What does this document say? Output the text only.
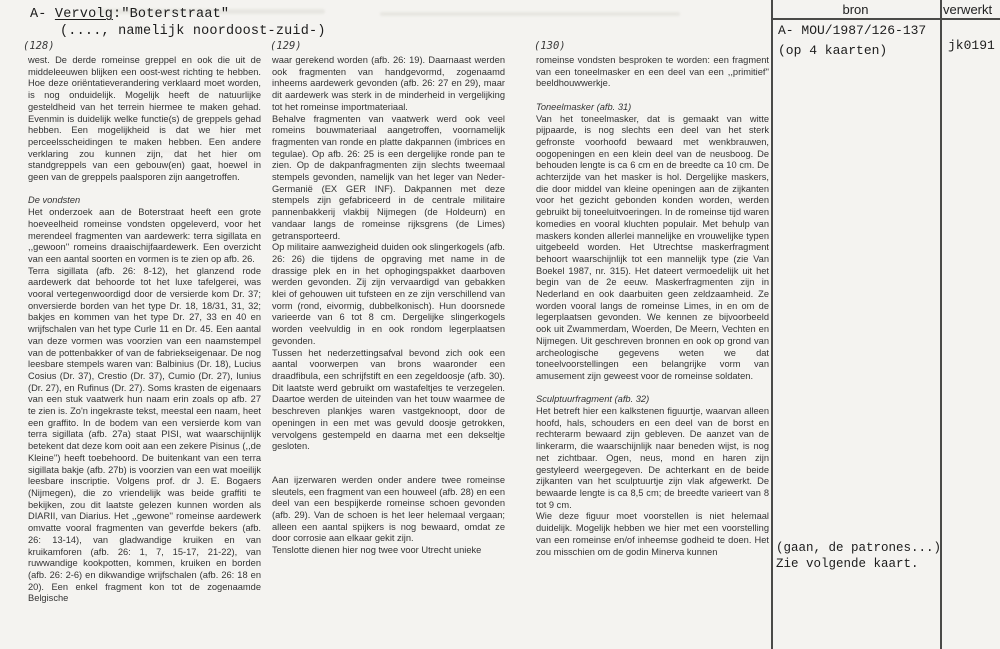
A- Vervolg:"Boterstraat"
(...., namelijk noordoost-zuid-)
(128)	(129)	(130)

west. De derde romeinse greppel en ook die uit de middeleeuwen blijken een oost-west richting te hebben. Hoe deze oriëntatieverandering verklaard moet worden, is nog onduidelijk. Mogelijk heeft de natuurlijke gesteldheid van het terrein hiermee te maken gehad. Evenmin is duidelijk welke functie(s) de greppels gehad hebben. Een mogelijkheid is dat we hier met perceelsscheidingen te maken hebben. Een andere verklaring zou kunnen zijn, dat het hier om standgreppels van een gebouw(en) gaat, hoewel in geen van de greppels paalsporen zijn aangetroffen.

De vondsten

Het onderzoek aan de Boterstraat heeft een grote hoeveelheid romeinse vondsten opgeleverd, voor het merendeel fragmenten van aardewerk: terra sigillata en ,,gewoon'' romeins draaischijfaardewerk. Een overzicht van een aantal soorten en vormen is te zien op afb. 26.

Terra sigillata (afb. 26: 8-12), het glanzend rode aardewerk dat behoorde tot het luxe tafelgerei, was vooral vertegenwoordigd door de versierde kom Dr. 37; onversierde borden van het type Dr. 18, 18/31, 31, 32; bakjes en kommen van het type Dr. 27, 33 en 40 en wrijfschalen van het type Curle 11 en Dr. 45. Een aantal van deze vormen was voorzien van een naamstempel van de pottenbakker of van de fabriekseigenaar. De nog leesbare stempels waren van: Balbinius (Dr. 18), Lucius Cosius (Dr. 37), Crestio (Dr. 37), Cumio (Dr. 27), Iunius (Dr. 27), en Rufinus (Dr. 27). Soms krasten de eigenaars van een stuk vaatwerk hun naam erin zoals op afb. 27 te zien is. Zo'n ingekraste tekst, meestal een naam, heet een graffito. In de bodem van een versierde kom van terra sigillata (afb. 27a) staat PISI, wat waarschijnlijk betekent dat deze kom ooit aan een zekere Pisinus (,,de Kleine'') heeft toebehoord. De buitenkant van een terra sigillata bakje (afb. 27b) is voorzien van een wat moeilijk leesbare inscriptie. Volgens prof. dr J. E. Bogaers (Nijmegen), die zo vriendelijk was beide graffiti te bekijken, zou dit laatste gelezen kunnen worden als DIARII, van Diarius. Het ,,gewone'' romeinse aardewerk omvatte vooral fragmenten van geverfde bekers (afb. 26: 13-14), van gladwandige kruiken en van kruikamforen (afb. 26: 1, 7, 15-17, 21-22), van ruwwandige kookpotten, kommen, kruiken en borden (afb. 26: 2-6) en dikwandige wrijfschalen (afb. 26: 18 en 20). Een enkel fragment kon tot de zogenaamde Belgische

waar gerekend worden (afb. 26: 19). Daarnaast werden ook fragmenten van handgevormd, zogenaamd inheems aardewerk gevonden (afb. 26: 27 en 29), maar dit aardewerk was sterk in de minderheid in vergelijking tot het romeinse importmateriaal.

Behalve fragmenten van vaatwerk werd ook veel romeins bouwmateriaal aangetroffen, voornamelijk fragmenten van ronde en platte dakpannen (imbrices en tegulae). Op afb. 26: 25 is een dergelijke ronde pan te zien. Op de dakpanfragmenten zijn slechts tweemaal stempels gevonden, namelijk van het leger van Neder-Germanië (EX GER INF). Dakpannen met deze stempels zijn gefabriceerd in de centrale militaire pannenbakkerij vlakbij Nijmegen (de Holdeurn) en vandaar langs de romeinse rijksgrens (de Limes) getransporteerd.

Op militaire aanwezigheid duiden ook slingerkogels (afb. 26: 26) die tijdens de opgraving met name in de drassige plek en in het ophogingspakket daarboven werden gevonden. Zij zijn vervaardigd van gebakken klei of gehouwen uit tufsteen en ze zijn verschillend van vorm (rond, eivormig, dubbelkonisch). Hun doorsnede varieerde van 6 tot 8 cm. Dergelijke slingerkogels worden veelvuldig in en ook rondom legerplaatsen gevonden.

Tussen het nederzettingsafval bevond zich ook een aantal voorwerpen van brons waaronder een draadfibula, een schrijfstift en een zegeldoosje (afb. 30). Dit laatste werd gebruikt om wastafeltjes te verzegelen. Daartoe werden de uiteinden van het touw waarmee de beschreven plankjes waren vastgeknoopt, door de openingen in een met was gevuld doosje getrokken, vervolgens gestempeld en daarna met een dekseltje gesloten.

Aan ijzerwaren werden onder andere twee romeinse sleutels, een fragment van een houweel (afb. 28) en een deel van een bespijkerde romeinse schoen gevonden (afb. 29). Van de schoen is het leer helemaal vergaan; alleen een aantal spijkers is nog bewaard, omdat ze door corrosie aan elkaar gekit zijn.

Tenslotte dienen hier nog twee voor Utrecht unieke

romeinse vondsten besproken te worden: een fragment van een toneelmasker en een deel van een ,,primitief'' beeldhouwwerkje.

Toneelmasker (afb. 31)

Van het toneelmasker, dat is gemaakt van witte pijpaarde, is nog slechts een deel van het sterk gefronste voorhoofd bewaard met wenkbrauwen, oogopeningen en een klein deel van de neusboog. De behouden lengte is ca 6 cm en de breedte ca 10 cm. De achterzijde van het masker is hol. Dergelijke maskers, die door middel van kleine openingen aan de zijkanten voor het gezicht gebonden konden worden, werden gebruikt bij toneeluitvoeringen. In de romeinse tijd waren komedies en vooral kluchten populair. Met behulp van maskers konden allerlei mannelijke en vrouwelijke typen uitgebeeld worden. Het Utrechtse maskerfragment behoort waarschijnlijk tot een mannelijk type (zie Van Boekel 1987, nr. 315). Het dateert vermoedelijk uit het begin van de 2e eeuw. Maskerfragmenten zijn in Nederland en ook daarbuiten geen zeldzaamheid. Ze worden vooral langs de romeinse Limes, in en om de legerplaatsen gevonden. We kennen ze bijvoorbeeld ook uit Zwammerdam, Woerden, De Meern, Vechten en Nijmegen. Uit geschreven bronnen en ook op grond van archeologische gegevens weten we dat toneelvoorstellingen een belangrijke vorm van amusement zijn geweest voor de romeinse soldaten.

Sculptuurfragment (afb. 32)

Het betreft hier een kalkstenen figuurtje, waarvan alleen hoofd, hals, schouders en een deel van de borst en rechterarm bewaard zijn gebleven. De aanzet van de linkerarm, die waarschijnlijk naar beneden wijst, is nog net zichtbaar. Ogen, neus, mond en haren zijn gestyleerd weergegeven. De achterkant en de beide zijkanten van het sculptuurtje zijn vlak afgewerkt. De bewaarde lengte is ca 8,5 cm; de breedte varieert van 8 tot 9 cm.

Wie deze figuur moet voorstellen is niet helemaal duidelijk. Mogelijk hebben we hier met een voorstelling van een romeinse en/of inheemse godheid te doen. Het zou misschien om de godin Minerva kunnen

bron	verwerkt
A- MOU/1987/126-137
(op 4 kaarten)	jk0191
(gaan, de patrones...)
Zie volgende kaart.
